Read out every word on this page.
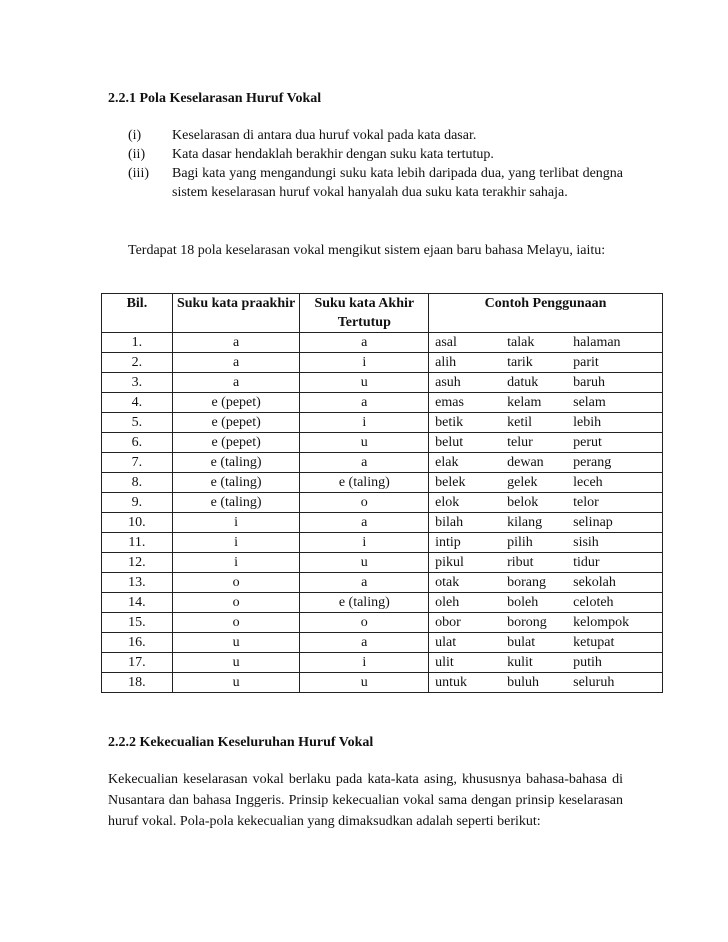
2.2.1 Pola Keselarasan Huruf Vokal
(i)	Keselarasan di antara dua huruf vokal pada kata dasar.
(ii)	Kata dasar hendaklah berakhir dengan suku kata tertutup.
(iii)	Bagi kata yang mengandungi suku kata lebih daripada dua, yang terlibat dengna sistem keselarasan huruf vokal hanyalah dua suku kata terakhir sahaja.
Terdapat 18 pola keselarasan vokal mengikut sistem ejaan baru bahasa Melayu, iaitu:
Bil.	Suku kata praakhir	Suku kata Akhir Tertutup	Contoh Penggunaan
1.	a	a	asal talak halaman

2.	a	i	alih tarik parit

3.	a	u	asuh datuk baruh

4.	e (pepet)	a	emas kelam selam

5.	e (pepet)	i	betik ketil lebih

6.	e (pepet)	u	belut telur perut

7.	e (taling)	a	elak dewan perang

8.	e (taling)	e (taling)	belek gelek leceh

9.	e (taling)	o	elok belok telor

10.	i	a	bilah kilang selinap

11.	i	i	intip pilih sisih

12.	i	u	pikul ribut tidur

13.	o	a	otak borang sekolah

14.	o	e (taling)	oleh boleh celoteh

15.	o	o	obor borong kelompok

16.	u	a	ulat bulat ketupat

17.	u	i	ulit kulit putih

18.	u	u	untuk buluh seluruh
2.2.2 Kekecualian Keseluruhan Huruf Vokal
Kekecualian keselarasan vokal berlaku pada kata-kata asing, khususnya bahasa-bahasa di Nusantara dan bahasa Inggeris. Prinsip kekecualian vokal sama dengan prinsip keselarasan huruf vokal. Pola-pola kekecualian yang dimaksudkan adalah seperti berikut:
